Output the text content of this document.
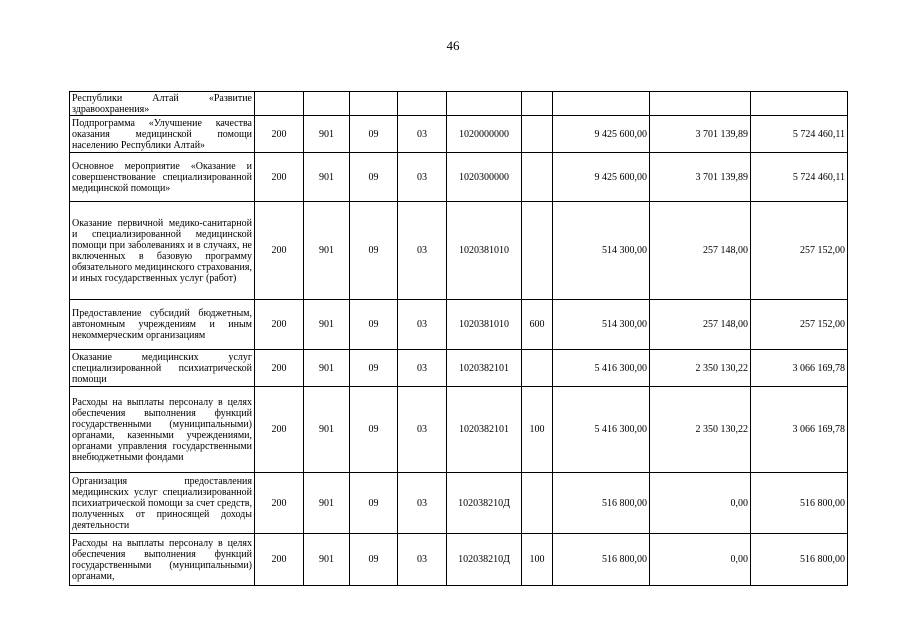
46
Республики Алтай «Развитие здравоохранения»									
Подпрограмма «Улучшение качества оказания медицинской помощи населению Республики Алтай»	200	901	09	03	1020000000		9 425 600,00	3 701 139,89	5 724 460,11
Основное мероприятие «Оказание и совершенствование специализированной медицинской помощи»	200	901	09	03	1020300000		9 425 600,00	3 701 139,89	5 724 460,11
Оказание первичной медико-санитарной и специализированной медицинской помощи при заболеваниях и в случаях, не включенных в базовую программу обязательного медицинского страхования, и иных государственных услуг (работ)	200	901	09	03	1020381010		514 300,00	257 148,00	257 152,00
Предоставление субсидий бюджетным, автономным учреждениям и иным некоммерческим организациям	200	901	09	03	1020381010	600	514 300,00	257 148,00	257 152,00
Оказание медицинских услуг специализированной психиатрической помощи	200	901	09	03	1020382101		5 416 300,00	2 350 130,22	3 066 169,78
Расходы на выплаты персоналу в целях обеспечения выполнения функций государственными (муниципальными) органами, казенными учреждениями, органами управления государственными внебюджетными фондами	200	901	09	03	1020382101	100	5 416 300,00	2 350 130,22	3 066 169,78
Организация предоставления медицинских услуг специализированной психиатрической помощи за счет средств, полученных от приносящей доходы деятельности	200	901	09	03	102038210Д		516 800,00	0,00	516 800,00
Расходы на выплаты персоналу в целях обеспечения выполнения функций государственными (муниципальными) органами,	200	901	09	03	102038210Д	100	516 800,00	0,00	516 800,00
